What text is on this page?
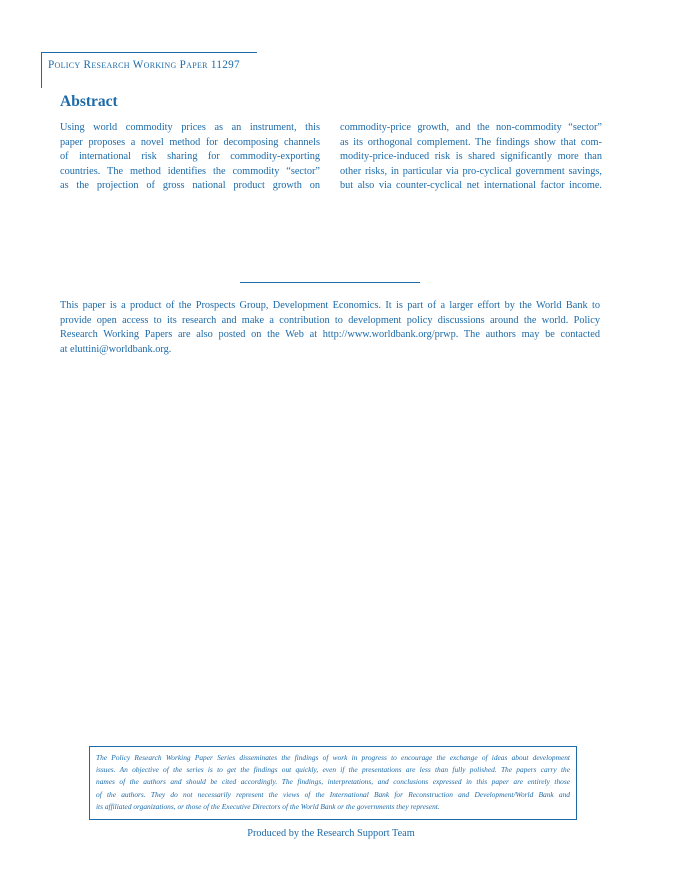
Policy Research Working Paper 11297
Abstract
Using world commodity prices as an instrument, this
paper proposes a novel method for decomposing channels
of international risk sharing for commodity-exporting
countries. The method identifies the commodity “sector”
as the projection of gross national product growth on
commodity-price growth, and the non-commodity “sector”
as its orthogonal complement. The findings show that com-
modity-price-induced risk is shared significantly more than
other risks, in particular via pro-cyclical government savings,
but also via counter-cyclical net international factor income.
This paper is a product of the Prospects Group, Development Economics. It is part of a larger effort by the World Bank to
provide open access to its research and make a contribution to development policy discussions around the world. Policy
Research Working Papers are also posted on the Web at http://www.worldbank.org/prwp. The authors may be contacted
at eluttini@worldbank.org.
The Policy Research Working Paper Series disseminates the findings of work in progress to encourage the exchange of ideas about development
issues. An objective of the series is to get the findings out quickly, even if the presentations are less than fully polished. The papers carry the
names of the authors and should be cited accordingly. The findings, interpretations, and conclusions expressed in this paper are entirely those
of the authors. They do not necessarily represent the views of the International Bank for Reconstruction and Development/World Bank and
its affiliated organizations, or those of the Executive Directors of the World Bank or the governments they represent.
Produced by the Research Support Team
